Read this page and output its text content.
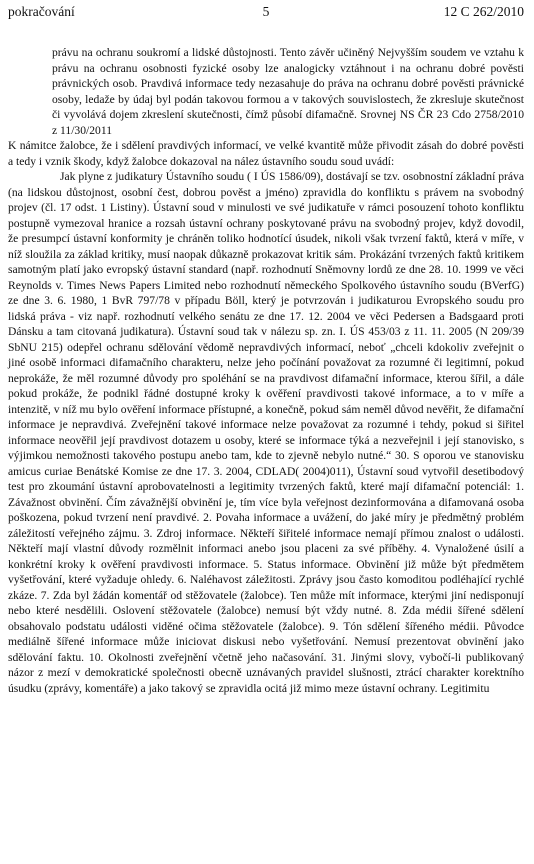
pokračování	5	12 C 262/2010

právu na ochranu soukromí a lidské důstojnosti. Tento závěr učiněný Nejvyšším soudem ve vztahu k právu na ochranu osobnosti fyzické osoby lze analogicky vztáhnout i na ochranu dobré pověsti právnických osob. Pravdivá informace tedy nezasahuje do práva na ochranu dobré pověsti právnické osoby, ledaže by údaj byl podán takovou formou a v takových souvislostech, že zkresluje skutečnost či vyvolává dojem zkreslení skutečnosti, čímž působí difamačně. Srovnej NS ČR 23 Cdo 2758/2010 z 11/30/2011

K námitce žalobce, že i sdělení pravdivých informací, ve velké kvantitě může přivodit zásah do dobré pověsti a tedy i vznik škody, když žalobce dokazoval na nález ústavního soudu soud uvádí:

Jak plyne z judikatury Ústavního soudu ( I ÚS 1586/09), dostávají se tzv. osobnostní základní práva (na lidskou důstojnost, osobní čest, dobrou pověst a jméno) zpravidla do konfliktu s právem na svobodný projev (čl. 17 odst. 1 Listiny). Ústavní soud v minulosti ve své judikatuře v rámci posouzení tohoto konfliktu postupně vymezoval hranice a rozsah ústavní ochrany poskytované právu na svobodný projev, když dovodil, že presumpcí ústavní konformity je chráněn toliko hodnotící úsudek, nikoli však tvrzení faktů, která v míře, v níž sloužila za základ kritiky, musí naopak důkazně prokazovat kritik sám. Prokázání tvrzených faktů kritikem samotným platí jako evropský ústavní standard (např. rozhodnutí Sněmovny lordů ze dne 28. 10. 1999 ve věci Reynolds v. Times News Papers Limited nebo rozhodnutí německého Spolkového ústavního soudu (BVerfG) ze dne 3. 6. 1980, 1 BvR 797/78 v případu Böll, který je potvrzován i judikaturou Evropského soudu pro lidská práva - viz např. rozhodnutí velkého senátu ze dne 17. 12. 2004 ve věci Pedersen a Badsgaard proti Dánsku a tam citovaná judikatura). Ústavní soud tak v nálezu sp. zn. I. ÚS 453/03 z 11. 11. 2005 (N 209/39 SbNU 215) odepřel ochranu sdělování vědomě nepravdivých informací, neboť „chceli kdokoliv zveřejnit o jiné osobě informaci difamačního charakteru, nelze jeho počínání považovat za rozumné či legitimní, pokud neprokáže, že měl rozumné důvody pro spoléhání se na pravdivost difamační informace, kterou šířil, a dále pokud prokáže, že podnikl řádné dostupné kroky k ověření pravdivosti takové informace, a to v míře a intenzitě, v níž mu bylo ověření informace přístupné, a konečně, pokud sám neměl důvod nevěřit, že difamační informace je nepravdivá. Zveřejnění takové informace nelze považovat za rozumné i tehdy, pokud si šiřitel informace neověřil její pravdivost dotazem u osoby, které se informace týká a nezveřejnil i její stanovisko, s výjimkou nemožnosti takového postupu anebo tam, kde to zjevně nebylo nutné.“ 30. S oporou ve stanovisku amicus curiae Benátské Komise ze dne 17. 3. 2004, CDLAD( 2004)011), Ústavní soud vytvořil desetibodový test pro zkoumání ústavní aprobovatelnosti a legitimity tvrzených faktů, které mají difamační potenciál: 1. Závažnost obvinění. Čím závažnější obvinění je, tím více byla veřejnost dezinformována a difamovaná osoba poškozena, pokud tvrzení není pravdivé. 2. Povaha informace a uvážení, do jaké míry je předmětný problém záležitostí veřejného zájmu. 3. Zdroj informace. Někteří šiřitelé informace nemají přímou znalost o události. Někteří mají vlastní důvody rozmělnit informaci anebo jsou placeni za své příběhy. 4. Vynaložené úsilí a konkrétní kroky k ověření pravdivosti informace. 5. Status informace. Obvinění již může být předmětem vyšetřování, které vyžaduje ohledy. 6. Naléhavost záležitosti. Zprávy jsou často komoditou podléhající rychlé zkáze. 7. Zda byl žádán komentář od stěžovatele (žalobce). Ten může mít informace, kterými jiní nedisponují nebo které nesdělili. Oslovení stěžovatele (žalobce) nemusí být vždy nutné. 8. Zda médii šířené sdělení obsahovalo podstatu události viděné očima stěžovatele (žalobce). 9. Tón sdělení šířeného médii. Původce mediálně šířené informace může iniciovat diskusi nebo vyšetřování. Nemusí prezentovat obvinění jako sdělování faktu. 10. Okolnosti zveřejnění včetně jeho načasování. 31. Jinými slovy, vybočí-li publikovaný názor z mezí v demokratické společnosti obecně uznávaných pravidel slušnosti, ztrácí charakter korektního úsudku (zprávy, komentáře) a jako takový se zpravidla ocitá již mimo meze ústavní ochrany. Legitimitu
